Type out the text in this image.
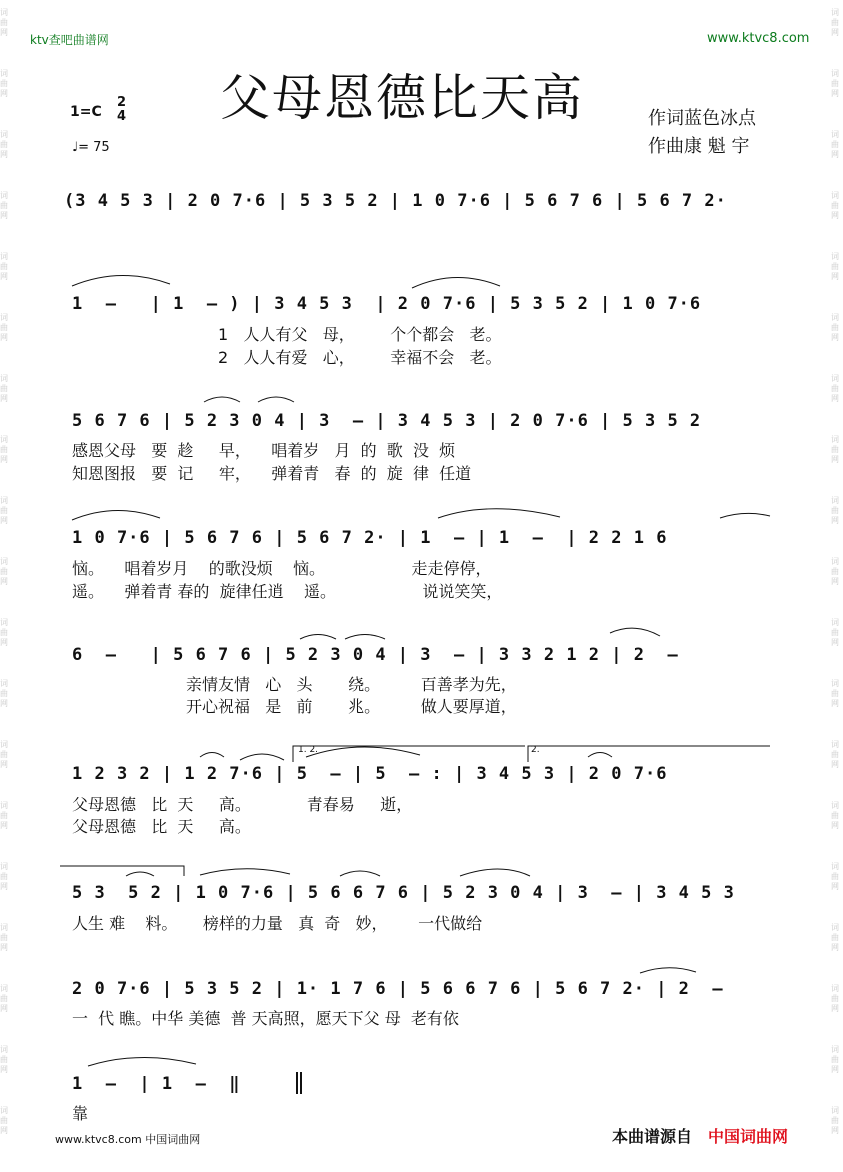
词
曲
网
词
曲
网
词
曲
网
词
曲
网
词
曲
网
词
曲
网
词
曲
网
词
曲
网
词
曲
网
词
曲
网
词
曲
网
词
曲
网
词
曲
网
词
曲
网
词
曲
网
词
曲
网
词
曲
网
词
曲
网
词
曲
网
词
曲
网
词
曲
网
词
曲
网
词
曲
网
词
曲
网
词
曲
网
词
曲
网
词
曲
网
词
曲
网
词
曲
网
词
曲
网
词
曲
网
词
曲
网
词
曲
网
词
曲
网
词
曲
网
词
曲
网
词
曲
网
词
曲
网
ktv查吧曲谱网	www.ktvc8.com
父母恩德比天高
1=C
2
4
♩= 75
作词蓝色冰点
作曲康 魁 宇
(3 4 5 3 | 2 0 7·6 | 5 3 5 2 | 1 0 7·6 | 5 6 7 6 | 5 6 7 2·
1  –   | 1  – ) | 3 4 5 3  | 2 0 7·6 | 5 3 5 2 | 1 0 7·6
1   人人有父   母，       个个都会   老。
2   人人有爱   心，       幸福不会   老。
5 6 7 6 | 5 2 3 0 4 | 3  – | 3 4 5 3 | 2 0 7·6 | 5 3 5 2
感恩父母   要  趁     早，    唱着岁   月  的  歌  没  烦
知恩图报   要  记     牢，    弹着青   春  的  旋  律  任道
1 0 7·6 | 5 6 7 6 | 5 6 7 2· | 1  – | 1  –  | 2 2 1 6
恼。    唱着岁月    的歌没烦    恼。                 走走停停，
遥。    弹着青 春的  旋律任逍    遥。                 说说笑笑，
6  –   | 5 6 7 6 | 5 2 3 0 4 | 3  – | 3 3 2 1 2 | 2  –
亲情友情   心   头       绕。        百善孝为先，
开心祝福   是   前       兆。        做人要厚道，
1 2 3 2 | 1 2 7·6 | 5  – | 5  – : | 3 4 5 3 | 2 0 7·6
父母恩德   比  天     高。           青春易     逝，
父母恩德   比  天     高。
1. 2.	2.
5 3  5 2 | 1 0 7·6 | 5 6 6 7 6 | 5 2 3 0 4 | 3  – | 3 4 5 3
人生 难    料。     榜样的力量   真  奇   妙，      一代做给
2 0 7·6 | 5 3 5 2 | 1· 1 7 6 | 5 6 6 7 6 | 5 6 7 2· | 2  –
一  代 瞧。中华 美德  普 天高照，愿天下父 母  老有依
1  –  | 1  –  ‖
靠
www.ktvc8.com 中国词曲网	本曲谱源自 中国词曲网
